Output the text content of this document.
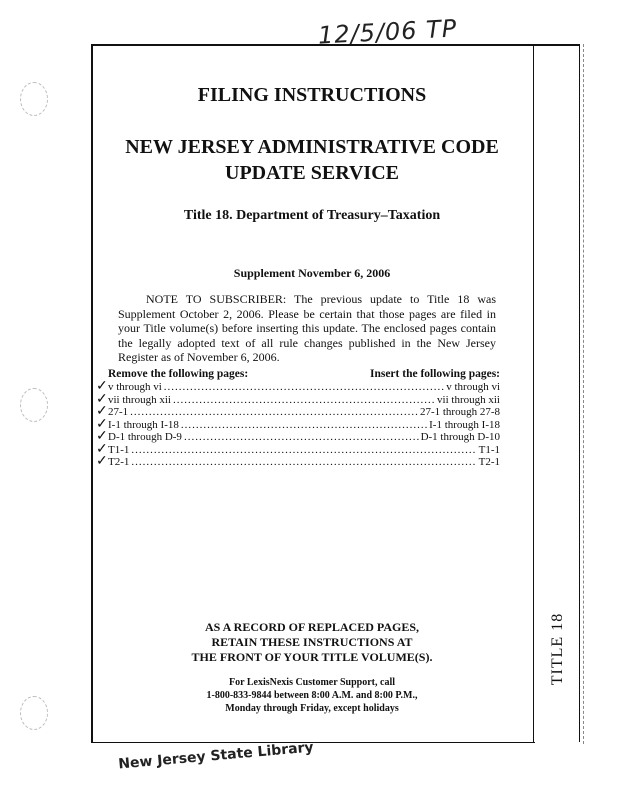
12/5/06 TP
TITLE 18
FILING INSTRUCTIONS
NEW JERSEY ADMINISTRATIVE CODE
UPDATE SERVICE
Title 18. Department of Treasury–Taxation
Supplement November 6, 2006
NOTE TO SUBSCRIBER: The previous update to Title 18 was Supplement October 2, 2006. Please be certain that those pages are filed in your Title volume(s) before inserting this update. The enclosed pages contain the legally adopted text of all rule changes published in the New Jersey Register as of November 6, 2006.
Remove the following pages:	Insert the following pages:
✓ v through vi .....	v through vi
✓ vii through xii .....	vii through xii
✓ 27-1 .....	27-1 through 27-8
✓ I-1 through I-18 .....	I-1 through I-18
✓ D-1 through D-9 .....	D-1 through D-10
✓ T1-1 .....	T1-1
✓ T2-1 .....	T2-1
AS A RECORD OF REPLACED PAGES,
RETAIN THESE INSTRUCTIONS AT
THE FRONT OF YOUR TITLE VOLUME(S).
For LexisNexis Customer Support, call
1-800-833-9844 between 8:00 A.M. and 8:00 P.M.,
Monday through Friday, except holidays
New Jersey State Library
